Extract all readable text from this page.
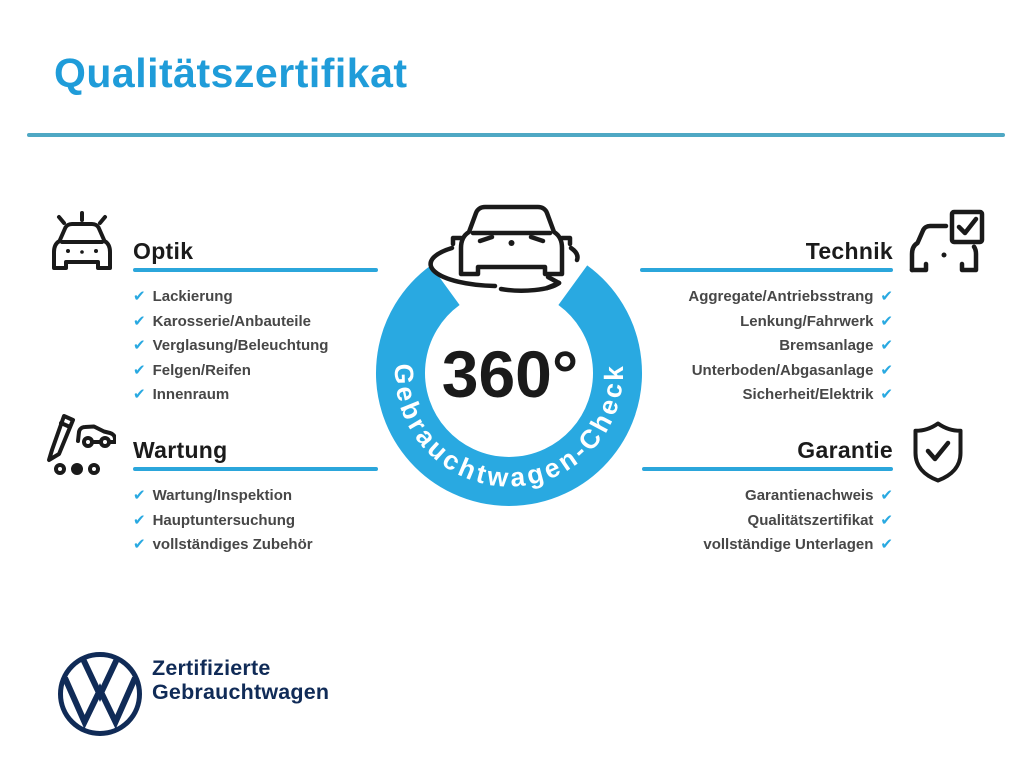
Qualitätszertifikat
Optik
✔ Lackierung
✔ Karosserie/Anbauteile
✔ Verglasung/Beleuchtung
✔ Felgen/Reifen
✔ Innenraum
Wartung
✔ Wartung/Inspektion
✔ Hauptuntersuchung
✔ vollständiges Zubehör
Technik
Aggregate/Antriebsstrang ✔
Lenkung/Fahrwerk ✔
Bremsanlage ✔
Unterboden/Abgasanlage ✔
Sicherheit/Elektrik ✔
Garantie
Garantienachweis ✔
Qualitätszertifikat ✔
vollständige Unterlagen ✔
Gebrauchtwagen-Check
360°
Zertifizierte
Gebrauchtwagen
